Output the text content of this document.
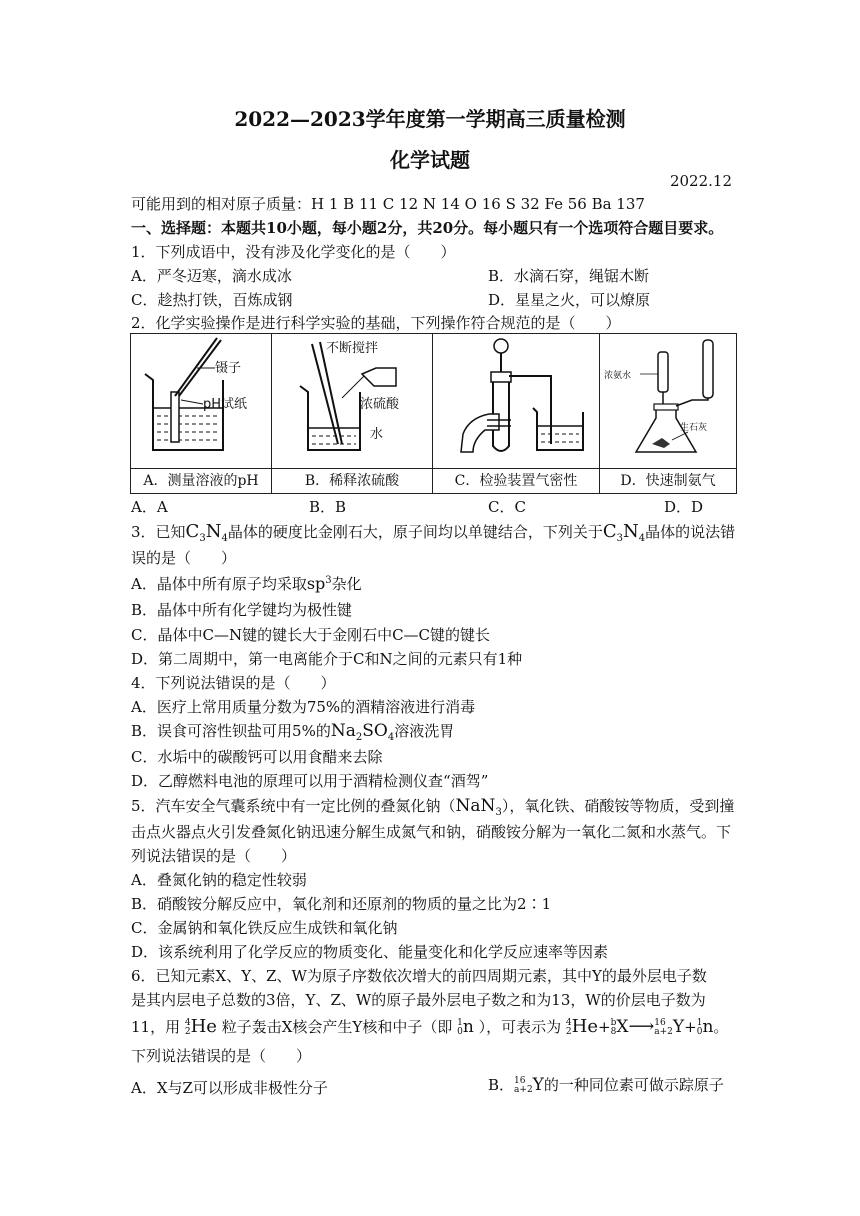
2022—2023学年度第一学期高三质量检测
化学试题
2022.12
可能用到的相对原子质量：H 1 B 11 C 12 N 14 O 16 S 32 Fe 56 Ba 137
一、选择题：本题共10小题，每小题2分，共20分。每小题只有一个选项符合题目要求。
1．下列成语中，没有涉及化学变化的是（　　）
A．严冬迈寒，滴水成冰	B．水滴石穿，绳锯木断
C．趁热打铁，百炼成钢	D．星星之火，可以燎原
2．化学实验操作是进行科学实验的基础，下列操作符合规范的是（　　）
镊子
pH试纸	不断搅拌
浓硫酸
水		浓氨水
生石灰

A．测量溶液的pH	B．稀释浓硫酸	C．检验装置气密性	D．快速制氨气
A．A	B．B	C．C	D．D
3．已知$C_3N_4$晶体的硬度比金刚石大，原子间均以单键结合，下列关于$C_3N_4$晶体的说法错
误的是（　　）
A．晶体中所有原子均采取$sp^3$杂化
B．晶体中所有化学键均为极性键
C．晶体中C—N键的键长大于金刚石中C—C键的键长
D．第二周期中，第一电离能介于C和N之间的元素只有1种
4．下列说法错误的是（　　）
A．医疗上常用质量分数为75%的酒精溶液进行消毒
B．误食可溶性钡盐可用5%的$Na_2SO_4$溶液洗胃
C．水垢中的碳酸钙可以用食醋来去除
D．乙醇燃料电池的原理可以用于酒精检测仪查“酒驾”
5．汽车安全气囊系统中有一定比例的叠氮化钠（NaN$_3$），氧化铁、硝酸铵等物质，受到撞
击点火器点火引发叠氮化钠迅速分解生成氮气和钠，硝酸铵分解为一氧化二氮和水蒸气。下
列说法错误的是（　　）
A．叠氮化钠的稳定性较弱
B．硝酸铵分解反应中，氧化剂和还原剂的物质的量之比为2∶1
C．金属钠和氧化铁反应生成铁和氧化钠
D．该系统利用了化学反应的物质变化、能量变化和化学反应速率等因素
6．已知元素X、Y、Z、W为原子序数依次增大的前四周期元素，其中Y的最外层电子数
是其内层电子总数的3倍，Y、Z、W的原子最外层电子数之和为13，W的价层电子数为
11，用 4
2 He 粒子轰击X核会产生Y核和中子（即 1
0 n ），可表示为 4
2 He+ b
8 X⟶ 16
a+2 Y+ 1
0 n。
下列说法错误的是（　　）
A．X与Z可以形成非极性分子	B． 16
a+2 Y的一种同位素可做示踪原子
